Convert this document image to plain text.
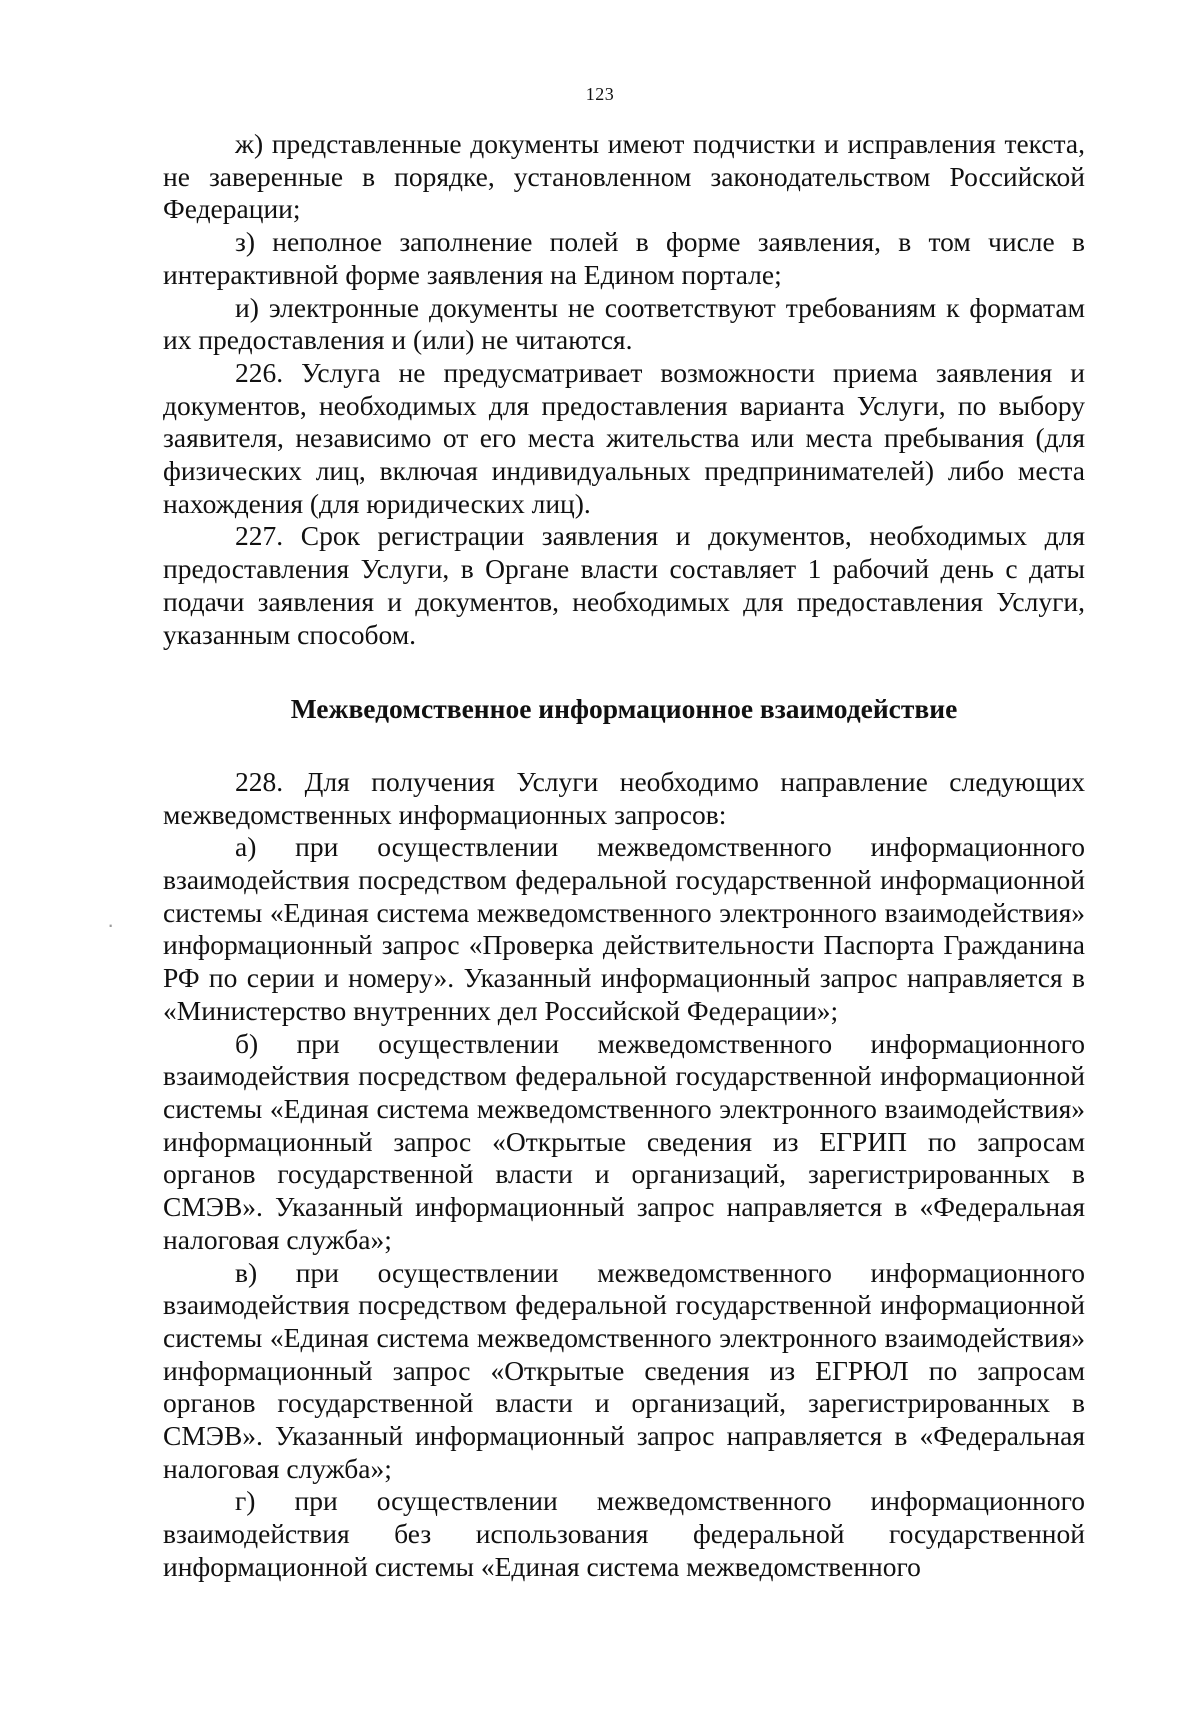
123

ж) представленные документы имеют подчистки и исправления текста, не заверенные в порядке, установленном законодательством Российской Федерации;

з) неполное заполнение полей в форме заявления, в том числе в интерактивной форме заявления на Едином портале;

и) электронные документы не соответствуют требованиям к форматам их предоставления и (или) не читаются.

226. Услуга не предусматривает возможности приема заявления и документов, необходимых для предоставления варианта Услуги, по выбору заявителя, независимо от его места жительства или места пребывания (для физических лиц, включая индивидуальных предпринимателей) либо места нахождения (для юридических лиц).

227. Срок регистрации заявления и документов, необходимых для предоставления Услуги, в Органе власти составляет 1 рабочий день с даты подачи заявления и документов, необходимых для предоставления Услуги, указанным способом.

Межведомственное информационное взаимодействие

228. Для получения Услуги необходимо направление следующих межведомственных информационных запросов:

а) при осуществлении межведомственного информационного взаимодействия посредством федеральной государственной информационной системы «Единая система межведомственного электронного взаимодействия» информационный запрос «Проверка действительности Паспорта Гражданина РФ по серии и номеру». Указанный информационный запрос направляется в «Министерство внутренних дел Российской Федерации»;

б) при осуществлении межведомственного информационного взаимодействия посредством федеральной государственной информационной системы «Единая система межведомственного электронного взаимодействия» информационный запрос «Открытые сведения из ЕГРИП по запросам органов государственной власти и организаций, зарегистрированных в СМЭВ». Указанный информационный запрос направляется в «Федеральная налоговая служба»;

в) при осуществлении межведомственного информационного взаимодействия посредством федеральной государственной информационной системы «Единая система межведомственного электронного взаимодействия» информационный запрос «Открытые сведения из ЕГРЮЛ по запросам органов государственной власти и организаций, зарегистрированных в СМЭВ». Указанный информационный запрос направляется в «Федеральная налоговая служба»;

г) при осуществлении межведомственного информационного взаимодействия без использования федеральной государственной информационной системы «Единая система межведомственного

·
